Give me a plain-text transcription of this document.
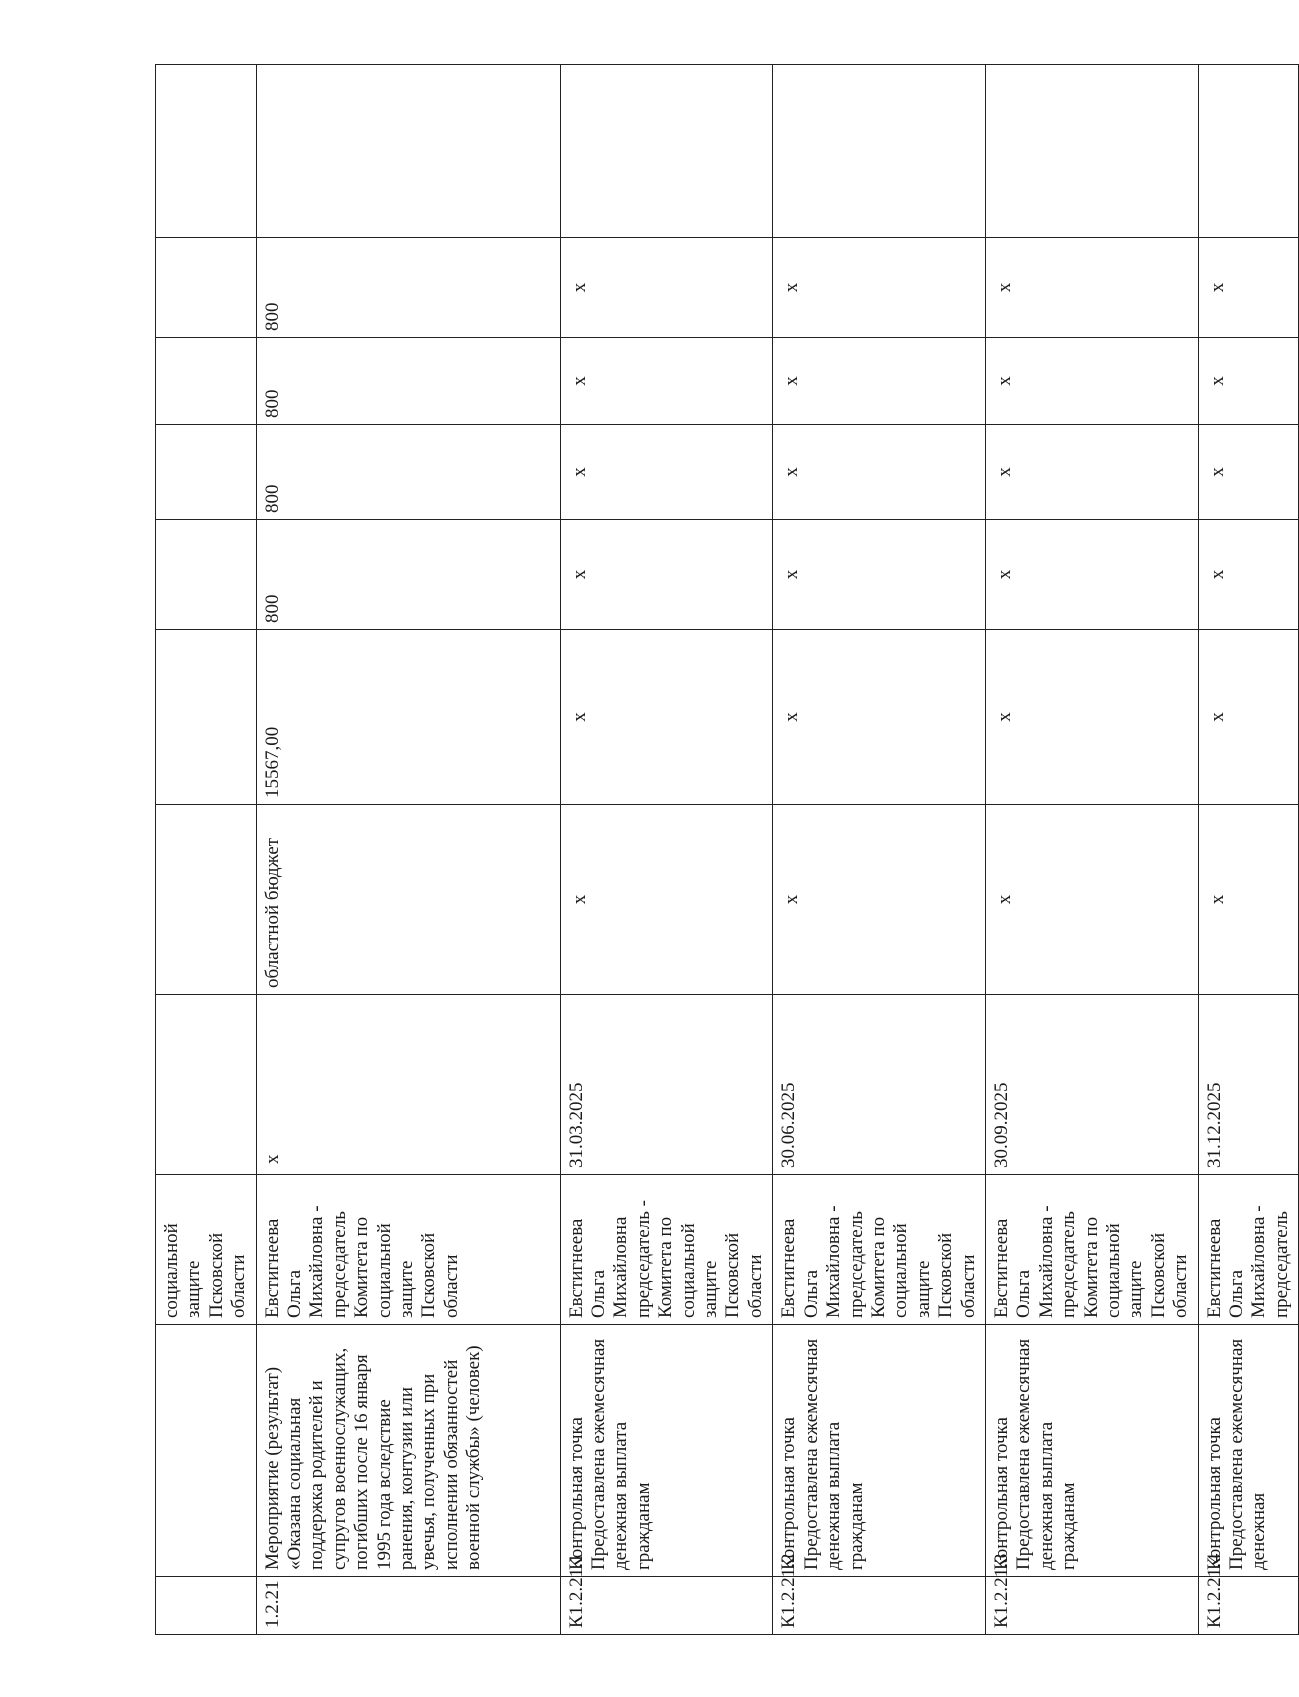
		социальной защите Псковской области								
1.2.21	Мероприятие (результат) «Оказана социальная поддержка родителей и супругов военнослужащих, погибших после 16 января 1995 года вследствие ранения, контузии или увечья, полученных при исполнении обязанностей военной службы» (человек)	Евстигнеева Ольга Михайловна - председатель Комитета по социальной защите Псковской области	x	областной бюджет	15567,00	800	800	800	800	
К1.2.21.1	Контрольная точка Предоставлена ежемесячная денежная выплата гражданам	Евстигнеева Ольга Михайловна председатель - Комитета по социальной защите Псковской области	31.03.2025	x	x	x	x	x	x	
К1.2.21.2	Контрольная точка Предоставлена ежемесячная денежная выплата гражданам	Евстигнеева Ольга Михайловна - председатель Комитета по социальной защите Псковской области	30.06.2025	x	x	x	x	x	x	
К1.2.21.3	Контрольная точка Предоставлена ежемесячная денежная выплата гражданам	Евстигнеева Ольга Михайловна - председатель Комитета по социальной защите Псковской области	30.09.2025	x	x	x	x	x	x	
К1.2.21.4	Контрольная точка Предоставлена ежемесячная денежная	Евстигнеева Ольга Михайловна - председатель	31.12.2025	x	x	x	x	x	x	
